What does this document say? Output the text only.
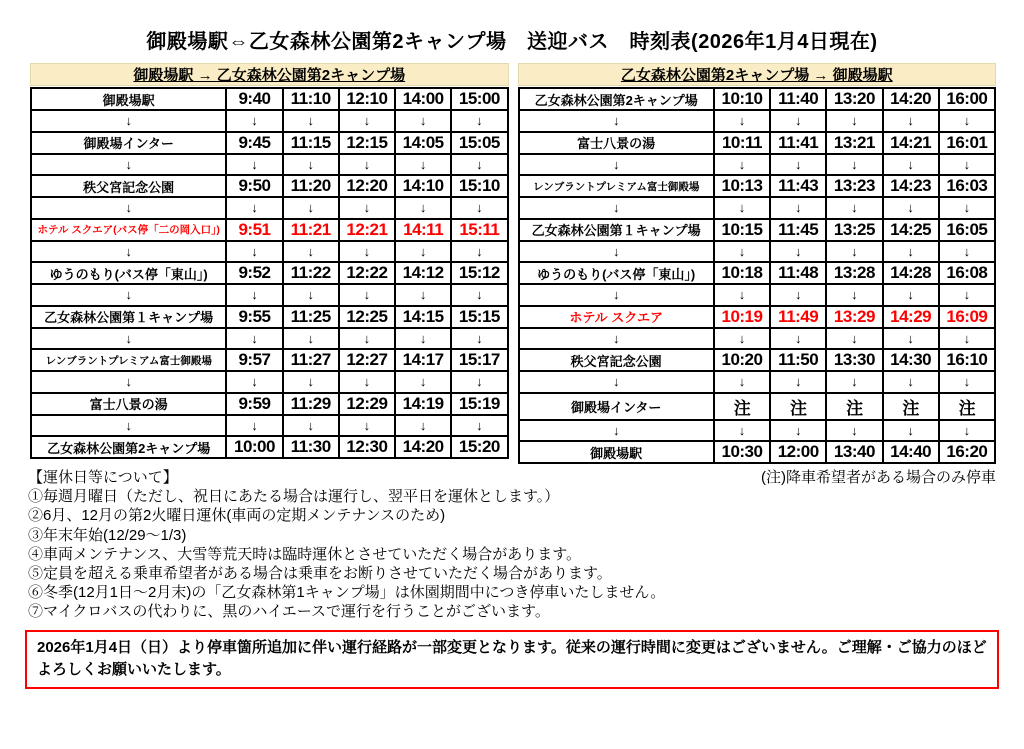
御殿場駅⇔乙女森林公園第2キャンプ場　送迎バス　時刻表(2026年1月4日現在)
御殿場駅 → 乙女森林公園第2キャンプ場
御殿場駅	9:40	11:10	12:10	14:00	15:00
↓	↓	↓	↓	↓	↓
御殿場インター	9:45	11:15	12:15	14:05	15:05
↓	↓	↓	↓	↓	↓
秩父宮記念公園	9:50	11:20	12:20	14:10	15:10
↓	↓	↓	↓	↓	↓
ホテル スクエア(バス停「二の岡入口」)	9:51	11:21	12:21	14:11	15:11
↓	↓	↓	↓	↓	↓
ゆうのもり(バス停「東山」)	9:52	11:22	12:22	14:12	15:12
↓	↓	↓	↓	↓	↓
乙女森林公園第１キャンプ場	9:55	11:25	12:25	14:15	15:15
↓	↓	↓	↓	↓	↓
レンブラントプレミアム富士御殿場	9:57	11:27	12:27	14:17	15:17
↓	↓	↓	↓	↓	↓
富士八景の湯	9:59	11:29	12:29	14:19	15:19
↓	↓	↓	↓	↓	↓
乙女森林公園第2キャンプ場	10:00	11:30	12:30	14:20	15:20
乙女森林公園第2キャンプ場 → 御殿場駅
乙女森林公園第2キャンプ場	10:10	11:40	13:20	14:20	16:00
↓	↓	↓	↓	↓	↓
富士八景の湯	10:11	11:41	13:21	14:21	16:01
↓	↓	↓	↓	↓	↓
レンブラントプレミアム富士御殿場	10:13	11:43	13:23	14:23	16:03
↓	↓	↓	↓	↓	↓
乙女森林公園第１キャンプ場	10:15	11:45	13:25	14:25	16:05
↓	↓	↓	↓	↓	↓
ゆうのもり(バス停「東山」)	10:18	11:48	13:28	14:28	16:08
↓	↓	↓	↓	↓	↓
ホテル スクエア	10:19	11:49	13:29	14:29	16:09
↓	↓	↓	↓	↓	↓
秩父宮記念公園	10:20	11:50	13:30	14:30	16:10
↓	↓	↓	↓	↓	↓
御殿場インター	注	注	注	注	注
↓	↓	↓	↓	↓	↓
御殿場駅	10:30	12:00	13:40	14:40	16:20
【運休日等について】	(注)降車希望者がある場合のみ停車
①毎週月曜日（ただし、祝日にあたる場合は運行し、翌平日を運休とします。）
②6月、12月の第2火曜日運休(車両の定期メンテナンスのため)
③年末年始(12/29～1/3)
④車両メンテナンス、大雪等荒天時は臨時運休とさせていただく場合があります。
⑤定員を超える乗車希望者がある場合は乗車をお断りさせていただく場合があります。
⑥冬季(12月1日～2月末)の「乙女森林第1キャンプ場」は休園期間中につき停車いたしません。
⑦マイクロバスの代わりに、黒のハイエースで運行を行うことがございます。
2026年1月4日（日）より停車箇所追加に伴い運行経路が一部変更となります。従来の運行時間に変更はございません。ご理解・ご協力のほどよろしくお願いいたします。
